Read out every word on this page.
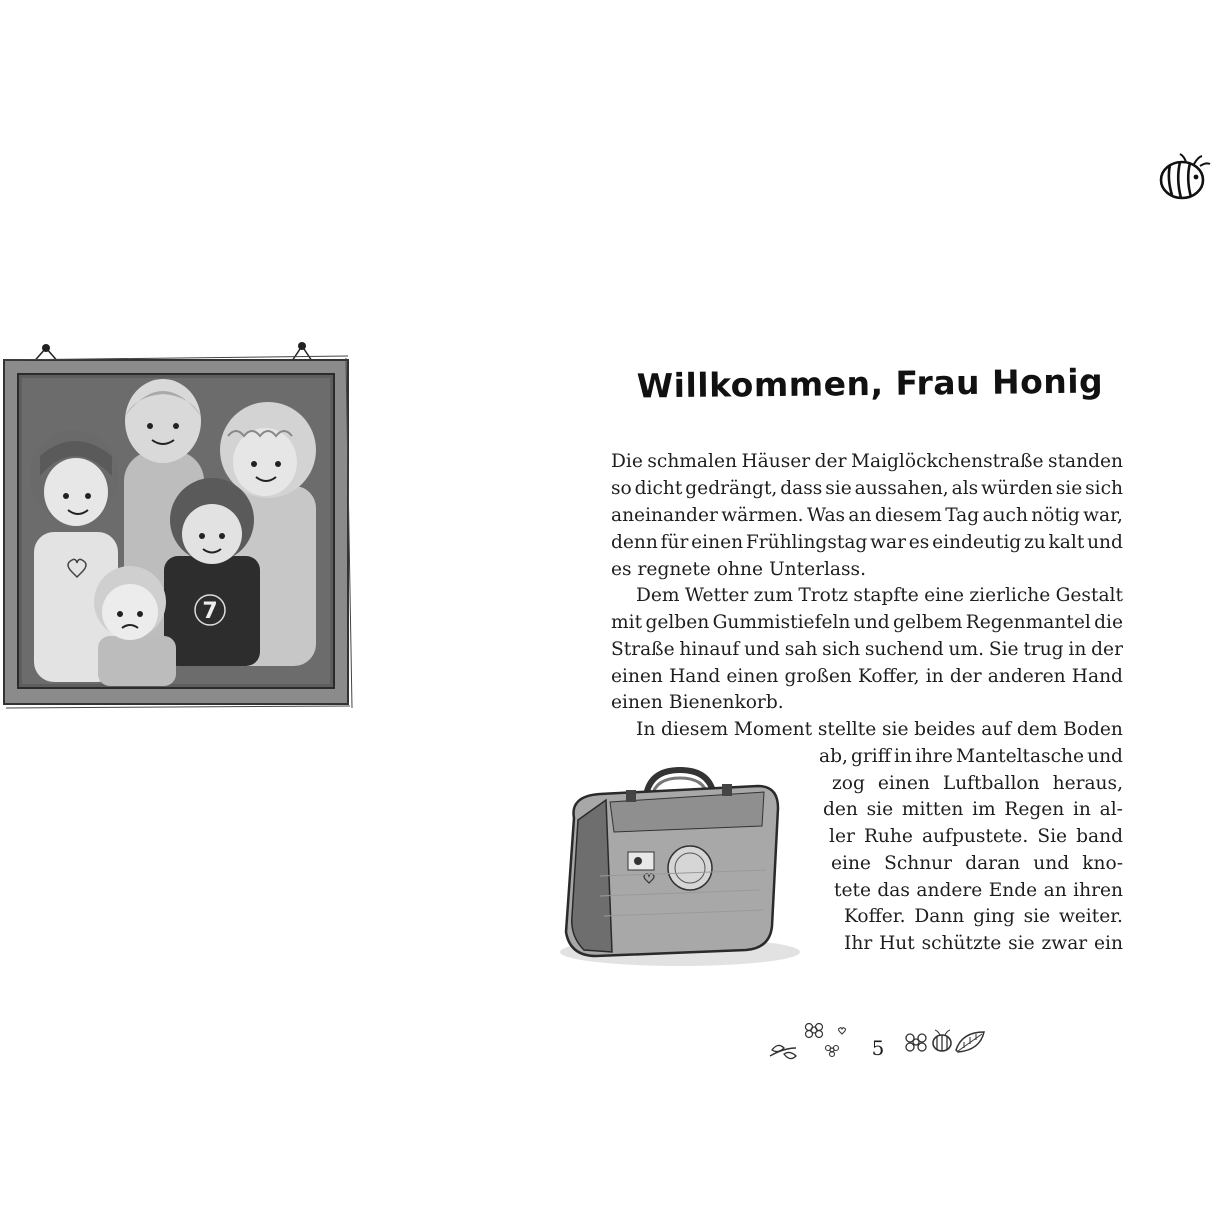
7
Willkommen, Frau Honig
Die schmalen Häuser der Maiglöckchenstraße standen
so dicht gedrängt, dass sie aussahen, als würden sie sich
aneinander wärmen. Was an diesem Tag auch nötig war,
denn für einen Frühlingstag war es eindeutig zu kalt und
es regnete ohne Unterlass.
Dem Wetter zum Trotz stapfte eine zierliche Gestalt
mit gelben Gummistiefeln und gelbem Regenmantel die
Straße hinauf und sah sich suchend um. Sie trug in der
einen Hand einen großen Koffer, in der anderen Hand
einen Bienenkorb.
In diesem Moment stellte sie beides auf dem Boden
ab, griff in ihre Manteltasche und
zog einen Luftballon heraus,
den sie mitten im Regen in al-
ler Ruhe aufpustete. Sie band
eine Schnur daran und kno-
tete das andere Ende an ihren
Koffer. Dann ging sie weiter.
Ihr Hut schützte sie zwar ein
5
